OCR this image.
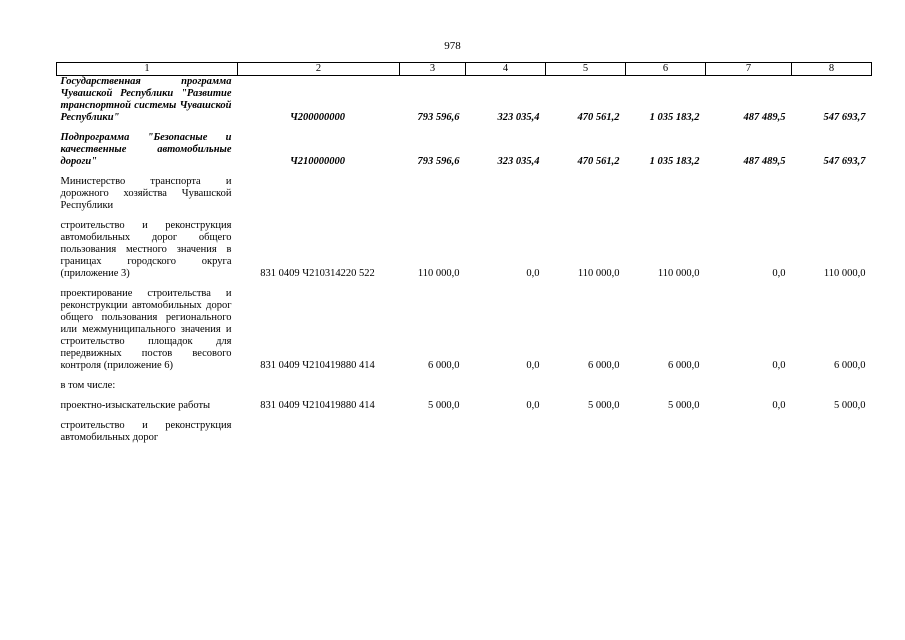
978
1	2	3	4	5	6	7	8
Государственная программа Чувашской Республики "Развитие транспортной системы Чувашской Республики"	Ч200000000	793 596,6	323 035,4	470 561,2	1 035 183,2	487 489,5	547 693,7
Подпрограмма "Безопасные и качественные автомобильные дороги"	Ч210000000	793 596,6	323 035,4	470 561,2	1 035 183,2	487 489,5	547 693,7
Министерство транспорта и дорожного хозяйства Чувашской Республики							
строительство и реконструкция автомобильных дорог общего пользования местного значения в границах городского округа (приложение 3)	831 0409 Ч210314220 522	110 000,0	0,0	110 000,0	110 000,0	0,0	110 000,0
проектирование строительства и реконструкции автомобильных дорог общего пользования регионального или межмуниципального значения и строительство площадок для передвижных постов весового контроля (приложение 6)	831 0409 Ч210419880 414	6 000,0	0,0	6 000,0	6 000,0	0,0	6 000,0
в том числе:							
проектно-изыскательские работы	831 0409 Ч210419880 414	5 000,0	0,0	5 000,0	5 000,0	0,0	5 000,0
строительство и реконструкция автомобильных дорог							
